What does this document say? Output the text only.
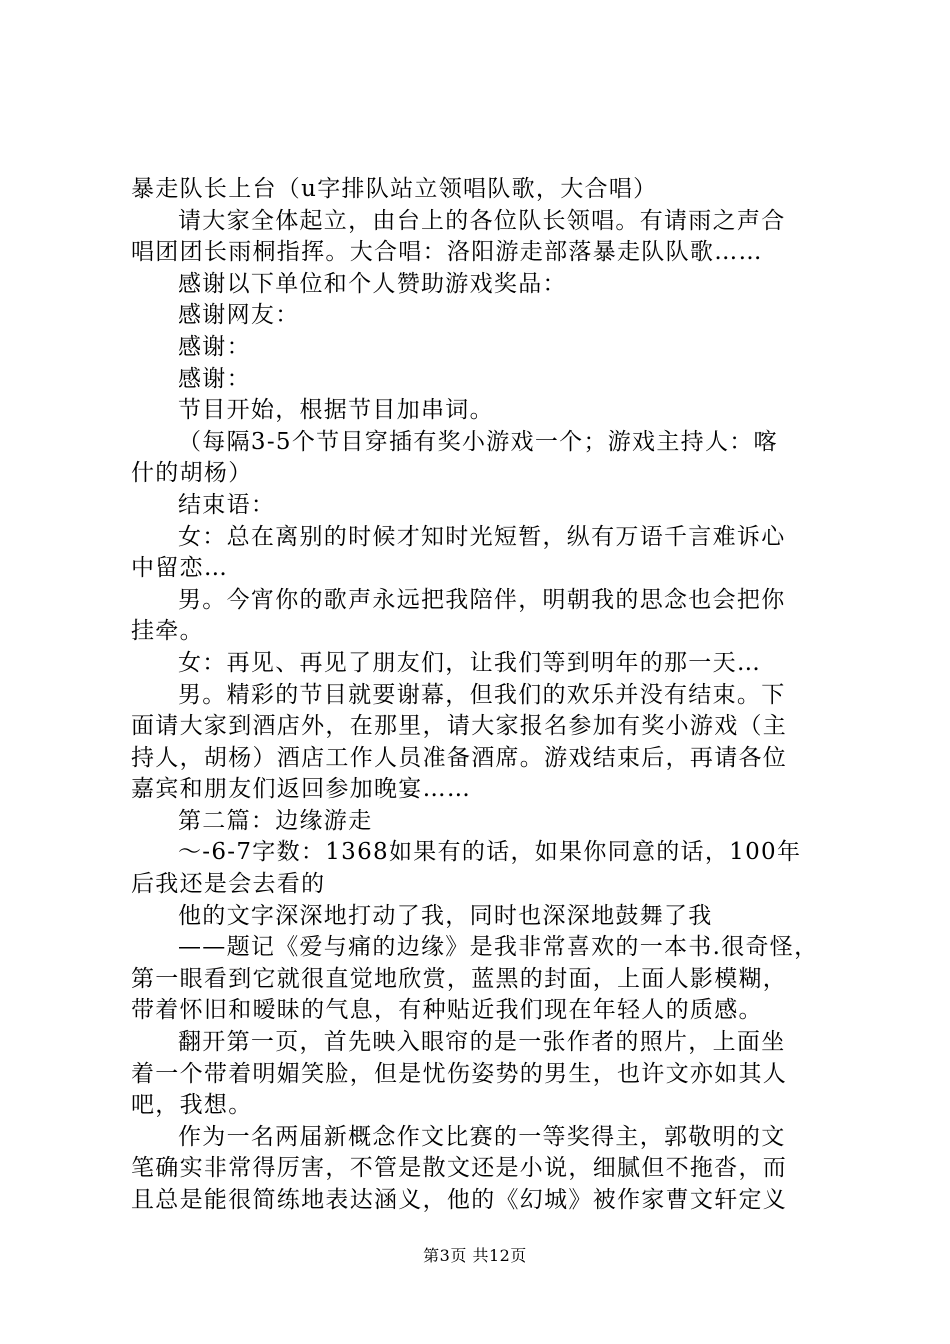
暴走队长上台（u字排队站立领唱队歌，大合唱）
请大家全体起立，由台上的各位队长领唱。有请雨之声合
唱团团长雨桐指挥。大合唱：洛阳游走部落暴走队队歌……
感谢以下单位和个人赞助游戏奖品：
感谢网友：
感谢：
感谢：
节目开始，根据节目加串词。
（每隔3-5个节目穿插有奖小游戏一个；游戏主持人：喀
什的胡杨）
结束语：
女：总在离别的时候才知时光短暂，纵有万语千言难诉心
中留恋…
男。今宵你的歌声永远把我陪伴，明朝我的思念也会把你
挂牵。
女：再见、再见了朋友们，让我们等到明年的那一天…
男。精彩的节目就要谢幕，但我们的欢乐并没有结束。下
面请大家到酒店外，在那里，请大家报名参加有奖小游戏（主
持人，胡杨）酒店工作人员准备酒席。游戏结束后，再请各位
嘉宾和朋友们返回参加晚宴……
第二篇：边缘游走
～-6-7字数：1368如果有的话，如果你同意的话，100年
后我还是会去看的
他的文字深深地打动了我，同时也深深地鼓舞了我
——题记《爱与痛的边缘》是我非常喜欢的一本书.很奇怪，
第一眼看到它就很直觉地欣赏，蓝黑的封面，上面人影模糊，
带着怀旧和暧昧的气息，有种贴近我们现在年轻人的质感。
翻开第一页，首先映入眼帘的是一张作者的照片，上面坐
着一个带着明媚笑脸，但是忧伤姿势的男生，也许文亦如其人
吧，我想。
作为一名两届新概念作文比赛的一等奖得主，郭敬明的文
笔确实非常得厉害，不管是散文还是小说，细腻但不拖沓，而
且总是能很简练地表达涵义，他的《幻城》被作家曹文轩定义
第3页 共12页
